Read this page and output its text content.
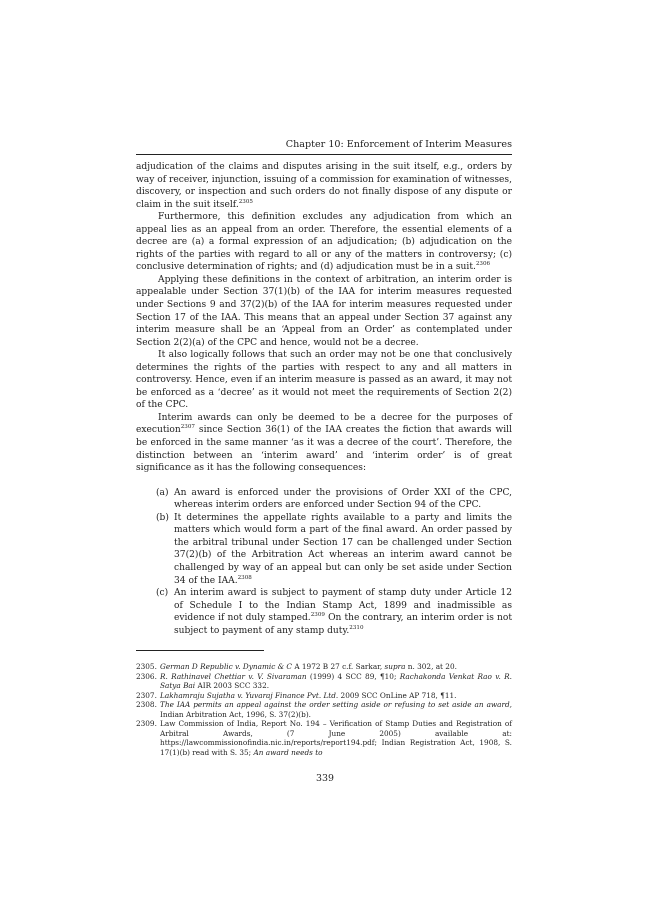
Chapter 10: Enforcement of Interim Measures

adjudication of the claims and disputes arising in the suit itself, e.g., orders by way of receiver, injunction, issuing of a commission for examination of witnesses, discovery, or inspection and such orders do not finally dispose of any dispute or claim in the suit itself.$^{2305}$

Furthermore, this definition excludes any adjudication from which an appeal lies as an appeal from an order. Therefore, the essential elements of a decree are (a) a formal expression of an adjudication; (b) adjudication on the rights of the parties with regard to all or any of the matters in controversy; (c) conclusive determination of rights; and (d) adjudication must be in a suit.$^{2306}$

Applying these definitions in the context of arbitration, an interim order is appealable under Section 37(1)(b) of the IAA for interim measures requested under Sections 9 and 37(2)(b) of the IAA for interim measures requested under Section 17 of the IAA. This means that an appeal under Section 37 against any interim measure shall be an ‘Appeal from an Order’ as contemplated under Section 2(2)(a) of the CPC and hence, would not be a decree.

It also logically follows that such an order may not be one that conclusively determines the rights of the parties with respect to any and all matters in controversy. Hence, even if an interim measure is passed as an award, it may not be enforced as a ‘decree’ as it would not meet the requirements of Section 2(2) of the CPC.

Interim awards can only be deemed to be a decree for the purposes of execution$^{2307}$ since Section 36(1) of the IAA creates the fiction that awards will be enforced in the same manner ‘as it was a decree of the court’. Therefore, the distinction between an ‘interim award’ and ‘interim order’ is of great significance as it has the following consequences:

(a) An award is enforced under the provisions of Order XXI of the CPC, whereas interim orders are enforced under Section 94 of the CPC.
(b) It determines the appellate rights available to a party and limits the matters which would form a part of the final award. An order passed by the arbitral tribunal under Section 17 can be challenged under Section 37(2)(b) of the Arbitration Act whereas an interim award cannot be challenged by way of an appeal but can only be set aside under Section 34 of the IAA.$^{2308}$
(c) An interim award is subject to payment of stamp duty under Article 12 of Schedule I to the Indian Stamp Act, 1899 and inadmissible as evidence if not duly stamped.$^{2309}$ On the contrary, an interim order is not subject to payment of any stamp duty.$^{2310}$
2305. German D Republic v. Dynamic & C A 1972 B 27 c.f. Sarkar, supra n. 302, at 20.
2306. R. Rathinavel Chettiar v. V. Sivaraman (1999) 4 SCC 89, ¶10; Rachakonda Venkat Rao v. R. Satya Bai AIR 2003 SCC 332.
2307. Lakhamraju Sujatha v. Yuvaraj Finance Pvt. Ltd. 2009 SCC OnLine AP 718, ¶11.
2308. The IAA permits an appeal against the order setting aside or refusing to set aside an award, Indian Arbitration Act, 1996, S. 37(2)(b).
2309. Law Commission of India, Report No. 194 – Verification of Stamp Duties and Registration of Arbitral Awards, (7 June 2005) available at: https://lawcommissionofindia.nic.in/reports/report194.pdf; Indian Registration Act, 1908, S. 17(1)(b) read with S. 35; An award needs to
339
